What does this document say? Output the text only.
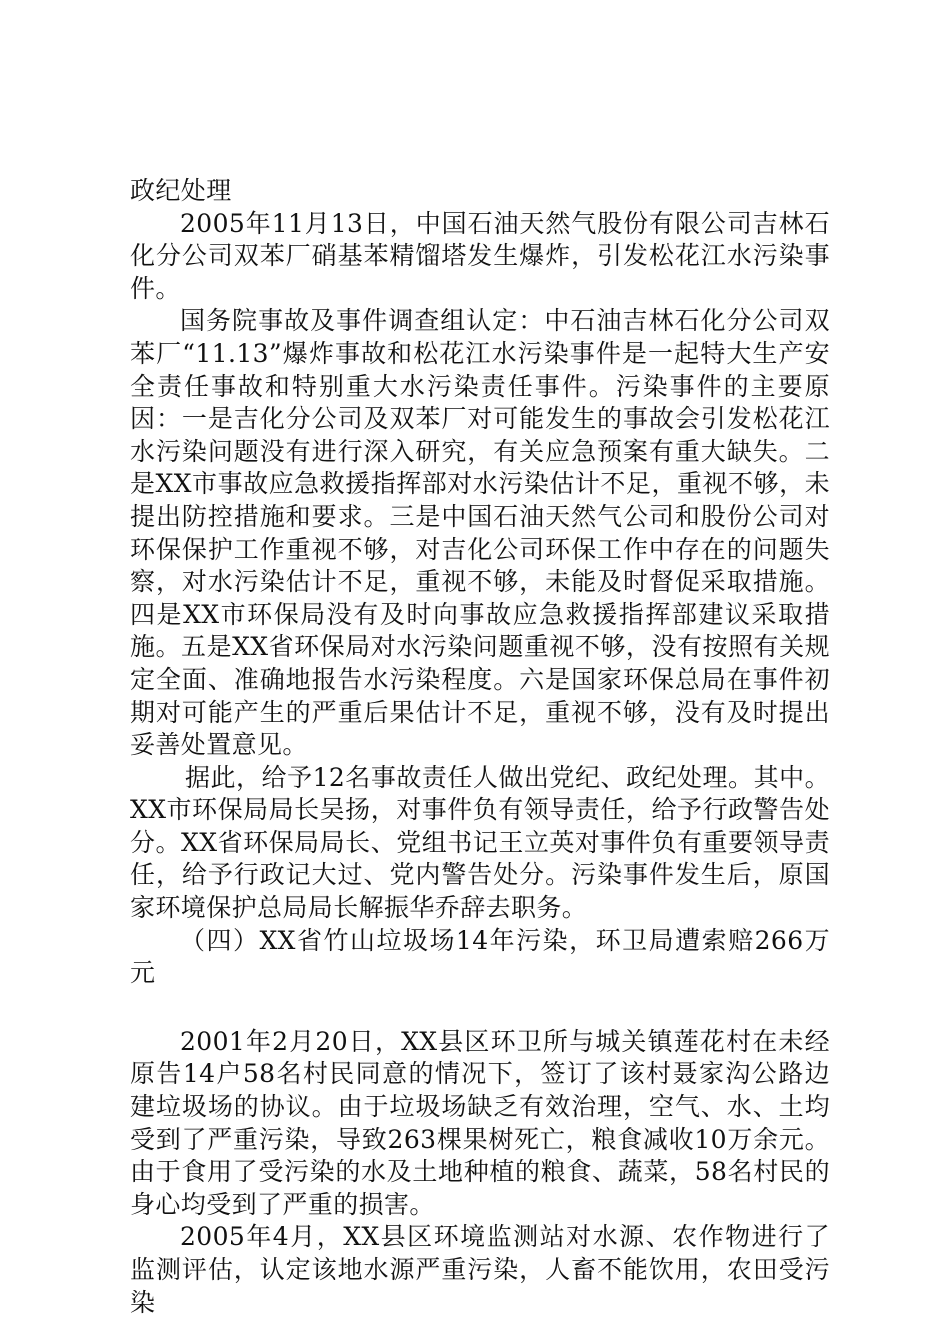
政纪处理

2005年11月13日，中国石油天然气股份有限公司吉林石化分公司双苯厂硝基苯精馏塔发生爆炸，引发松花江水污染事件。

国务院事故及事件调查组认定：中石油吉林石化分公司双苯厂“11.13”爆炸事故和松花江水污染事件是一起特大生产安全责任事故和特别重大水污染责任事件。污染事件的主要原因：一是吉化分公司及双苯厂对可能发生的事故会引发松花江水污染问题没有进行深入研究，有关应急预案有重大缺失。二是XX市事故应急救援指挥部对水污染估计不足，重视不够，未提出防控措施和要求。三是中国石油天然气公司和股份公司对环保保护工作重视不够，对吉化公司环保工作中存在的问题失察，对水污染估计不足，重视不够，未能及时督促采取措施。四是XX市环保局没有及时向事故应急救援指挥部建议采取措施。五是XX省环保局对水污染问题重视不够，没有按照有关规定全面、准确地报告水污染程度。六是国家环保总局在事件初期对可能产生的严重后果估计不足，重视不够，没有及时提出妥善处置意见。

据此，给予12名事故责任人做出党纪、政纪处理。其中。XX市环保局局长吴扬，对事件负有领导责任，给予行政警告处分。XX省环保局局长、党组书记王立英对事件负有重要领导责任，给予行政记大过、党内警告处分。污染事件发生后，原国家环境保护总局局长解振华乔辞去职务。

（四）XX省竹山垃圾场14年污染，环卫局遭索赔266万元

2001年2月20日，XX县区环卫所与城关镇莲花村在未经原告14户58名村民同意的情况下，签订了该村聂家沟公路边建垃圾场的协议。由于垃圾场缺乏有效治理，空气、水、土均受到了严重污染，导致263棵果树死亡，粮食减收10万余元。由于食用了受污染的水及土地种植的粮食、蔬菜，58名村民的身心均受到了严重的损害。

2005年4月，XX县区环境监测站对水源、农作物进行了监测评估，认定该地水源严重污染，人畜不能饮用，农田受污染
